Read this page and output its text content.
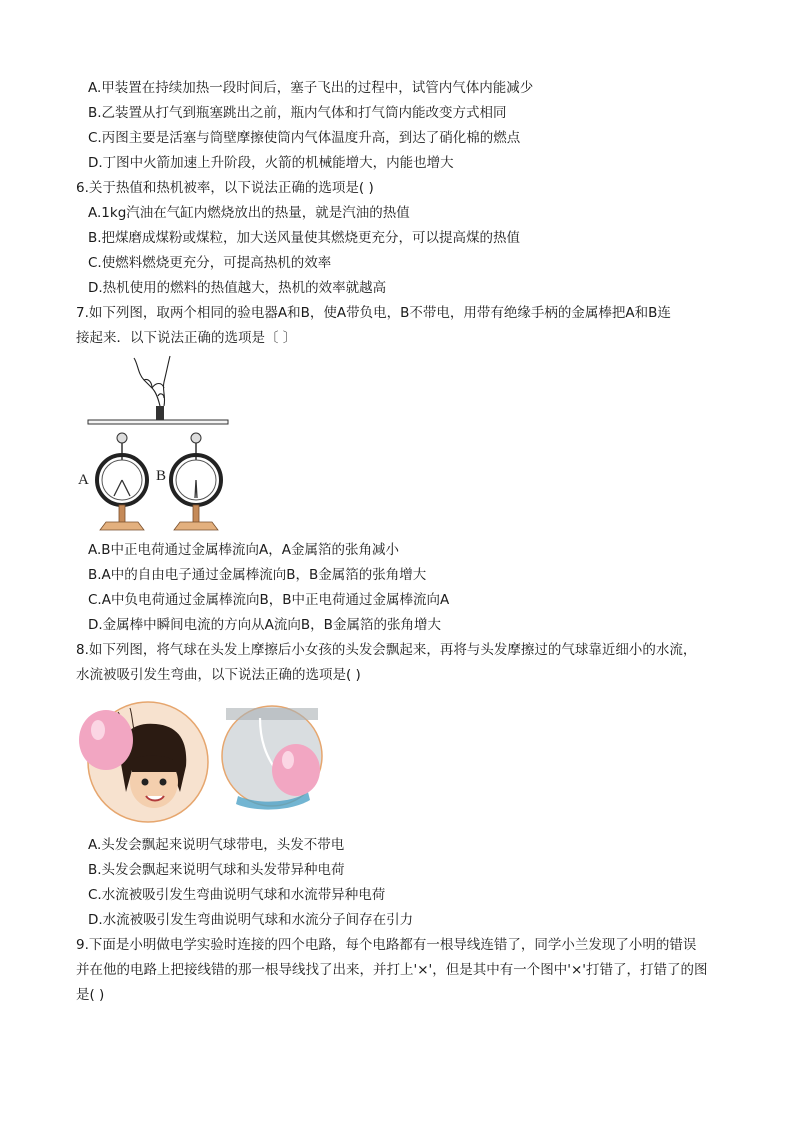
A.甲装置在持续加热一段时间后，塞子飞出的过程中，试管内气体内能减少
B.乙装置从打气到瓶塞跳出之前，瓶内气体和打气筒内能改变方式相同
C.丙图主要是活塞与筒壁摩擦使筒内气体温度升高，到达了硝化棉的燃点
D.丁图中火箭加速上升阶段，火箭的机械能增大，内能也增大
6.关于热值和热机被率，以下说法正确的选项是( )
A.1kg汽油在气缸内燃烧放出的热量，就是汽油的热值
B.把煤磨成煤粉或煤粒，加大送风量使其燃烧更充分，可以提高煤的热值
C.使燃料燃烧更充分，可提高热机的效率
D.热机使用的燃料的热值越大，热机的效率就越高
7.如下列图，取两个相同的验电器A和B，使A带负电，B不带电，用带有绝缘手柄的金属棒把A和B连
接起来．以下说法正确的选项是〔 〕
A	B
A.B中正电荷通过金属棒流向A，A金属箔的张角减小
B.A中的自由电子通过金属棒流向B，B金属箔的张角增大
C.A中负电荷通过金属棒流向B，B中正电荷通过金属棒流向A
D.金属棒中瞬间电流的方向从A流向B，B金属箔的张角增大
8.如下列图，将气球在头发上摩擦后小女孩的头发会飘起来，再将与头发摩擦过的气球靠近细小的水流，
水流被吸引发生弯曲，以下说法正确的选项是( )
A.头发会飘起来说明气球带电，头发不带电
B.头发会飘起来说明气球和头发带异种电荷
C.水流被吸引发生弯曲说明气球和水流带异种电荷
D.水流被吸引发生弯曲说明气球和水流分子间存在引力
9.下面是小明做电学实验时连接的四个电路，每个电路都有一根导线连错了，同学小兰发现了小明的错误
并在他的电路上把接线错的那一根导线找了出来，并打上'×'，但是其中有一个图中'×'打错了，打错了的图
是( )
